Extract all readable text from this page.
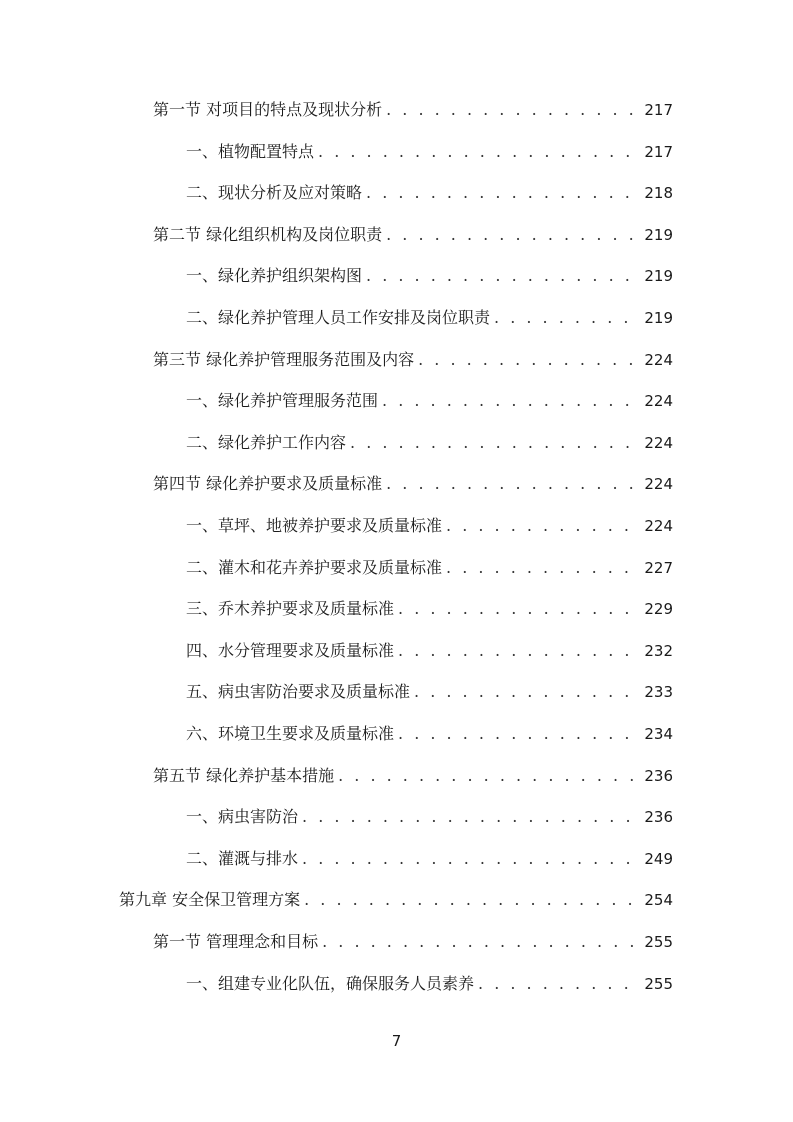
第一节 对项目的特点及现状分析 . . .	217
一、植物配置特点 . . .	217
二、现状分析及应对策略 . . .	218
第二节 绿化组织机构及岗位职责 . . .	219
一、绿化养护组织架构图 . . .	219
二、绿化养护管理人员工作安排及岗位职责 . . .	219
第三节 绿化养护管理服务范围及内容 . . .	224
一、绿化养护管理服务范围 . . .	224
二、绿化养护工作内容 . . .	224
第四节 绿化养护要求及质量标准 . . .	224
一、草坪、地被养护要求及质量标准 . . .	224
二、灌木和花卉养护要求及质量标准 . . .	227
三、乔木养护要求及质量标准 . . .	229
四、水分管理要求及质量标准 . . .	232
五、病虫害防治要求及质量标准 . . .	233
六、环境卫生要求及质量标准 . . .	234
第五节 绿化养护基本措施 . . .	236
一、病虫害防治 . . .	236
二、灌溉与排水 . . .	249
第九章 安全保卫管理方案 . . .	254
第一节 管理理念和目标 . . .	255
一、组建专业化队伍，确保服务人员素养 . . .	255
7
